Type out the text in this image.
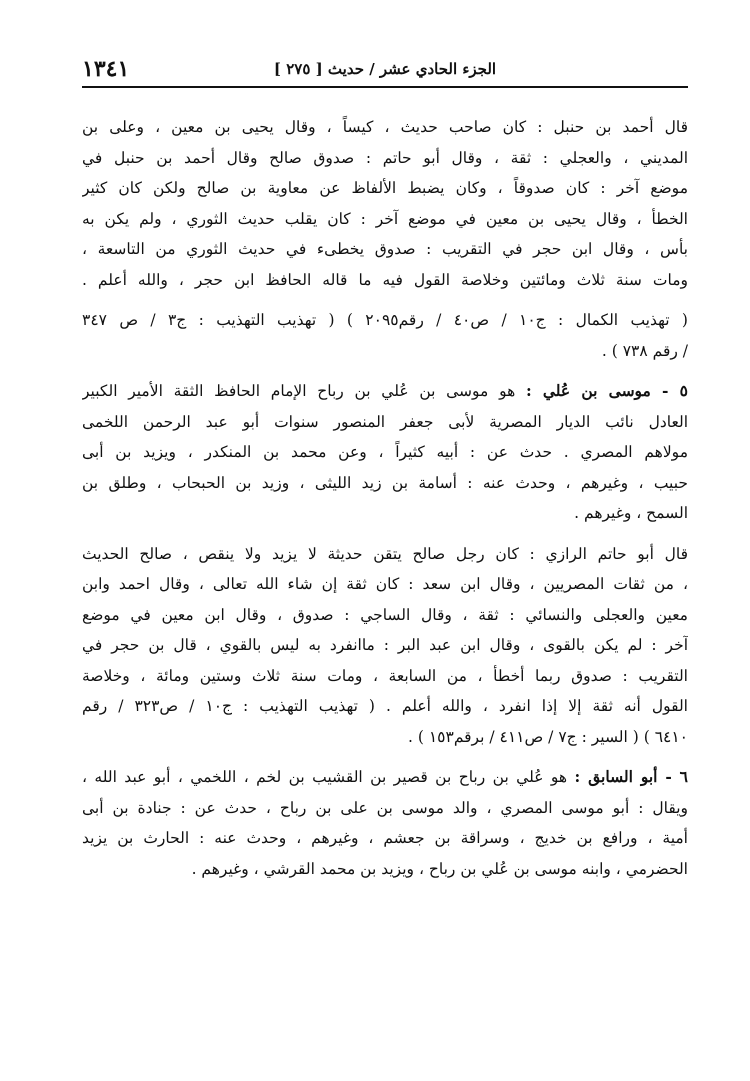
الجزء الحادي عشر / حديث [ ٢٧٥ ]
١٣٤١
قال أحمد بن حنبل : كان صاحب حديث ، كيساً ، وقال يحيى بن معين ، وعلى بن
المديني ، والعجلي : ثقة ، وقال أبو حاتم : صدوق صالح وقال أحمد بن حنبل في
موضع آخر : كان صدوقاً ، وكان يضبط الألفاظ عن معاوية بن صالح ولكن كان كثير
الخطأ ، وقال يحيى بن معين في موضع آخر : كان يقلب حديث الثوري ، ولم يكن به
بأس ، وقال ابن حجر في التقريب : صدوق يخطىء في حديث الثوري من التاسعة ،
ومات سنة ثلاث ومائتين وخلاصة القول فيه ما قاله الحافظ ابن حجر ، والله أعلم .
( تهذيب الكمال : ج١٠ / ص٤٠ / رقم٢٠٩٥ ) ( تهذيب التهذيب : ج٣ / ص ٣٤٧
/ رقم ٧٣٨ ) .
٥ - موسى بن عُلي : هو موسى بن عُلي بن رباح الإمام الحافظ الثقة الأمير الكبير
العادل نائب الديار المصرية لأبى جعفر المنصور سنوات أبو عبد الرحمن اللخمى
مولاهم المصري . حدث عن : أبيه كثيراً ، وعن محمد بن المنكدر ، ويزيد بن أبى
حبيب ، وغيرهم ، وحدث عنه : أسامة بن زيد الليثى ، وزيد بن الحبحاب ، وطلق بن
السمح ، وغيرهم .
قال أبو حاتم الرازي : كان رجل صالح يتقن حديثة لا يزيد ولا ينقص ، صالح الحديث
، من ثقات المصريين ، وقال ابن سعد : كان ثقة إن شاء الله تعالى ، وقال احمد وابن
معين والعجلى والنسائي : ثقة ، وقال الساجي : صدوق ، وقال ابن معين في موضع
آخر : لم يكن بالقوى ، وقال ابن عبد البر : ماانفرد به ليس بالقوي ، قال بن حجر في
التقريب : صدوق ربما أخطأ ، من السابعة ، ومات سنة ثلاث وستين ومائة ، وخلاصة
القول أنه ثقة إلا إذا انفرد ، والله أعلم . ( تهذيب التهذيب : ج١٠ / ص٣٢٣ / رقم
٦٤١٠ ) ( السير : ج٧ / ص٤١١ / برقم١٥٣ ) .
٦ - أبو السابق : هو عُلي بن رباح بن قصير بن القشيب بن لخم ، اللخمي ، أبو عبد الله ،
ويقال : أبو موسى المصري ، والد موسى بن على بن رباح ، حدث عن : جنادة بن أبى
أمية ، ورافع بن خديج ، وسراقة بن جعشم ، وغيرهم ، وحدث عنه : الحارث بن يزيد
الحضرمي ، وابنه موسى بن عُلي بن رباح ، ويزيد بن محمد القرشي ، وغيرهم .
